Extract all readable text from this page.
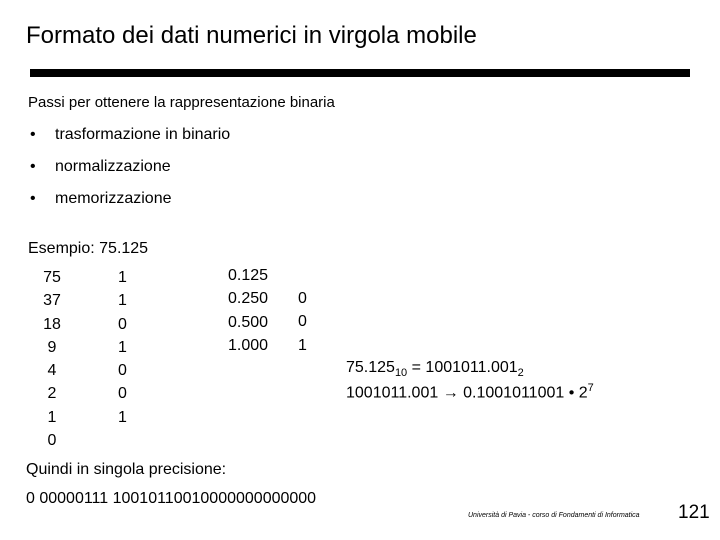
Formato dei dati numerici in virgola mobile
Passi per ottenere la rappresentazione binaria
• trasformazione in binario
• normalizzazione
• memorizzazione
Esempio: 75.125
75
37
18
9
4
2
1
0
1
1
0
1
0
0
1
0.125
0.250
0.500
1.000
0
0
1
$75.125_{10} = 1001011.001_2$
1001011.001 → 0.1001011001 • $2^7$
Quindi in singola precisione:
0 00000111 10010110010000000000000
Università di Pavia - corso di Fondamenti di Informatica 121
